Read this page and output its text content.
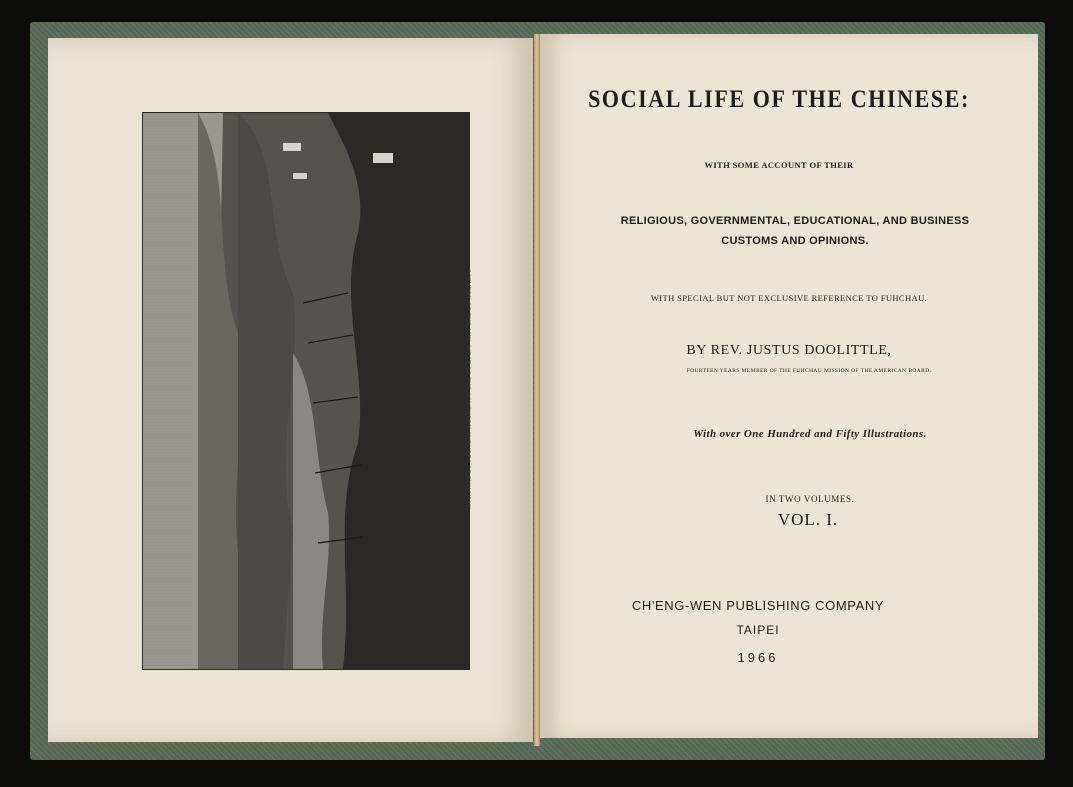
SCENERY OF THE MIN, WEST OF THE SOUTHERN SUBURBS OF FUHCHAU.

SOCIAL LIFE OF THE CHINESE:
WITH SOME ACCOUNT OF THEIR
RELIGIOUS, GOVERNMENTAL, EDUCATIONAL, AND BUSINESS
CUSTOMS AND OPINIONS.
WITH SPECIAL BUT NOT EXCLUSIVE REFERENCE TO FUHCHAU.
BY REV. JUSTUS DOOLITTLE,
FOURTEEN YEARS MEMBER OF THE FUHCHAU MISSION OF THE AMERICAN BOARD.
With over One Hundred and Fifty Illustrations.
IN TWO VOLUMES.
VOL. I.
CH'ENG-WEN PUBLISHING COMPANY
TAIPEI
1966
